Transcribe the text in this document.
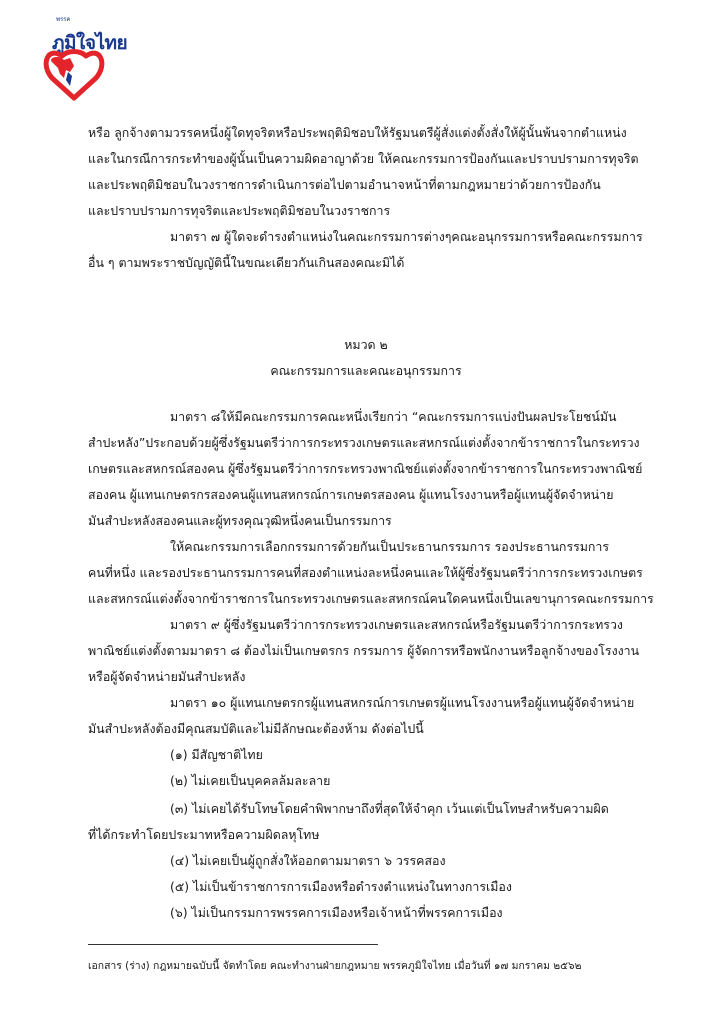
พรรค
ภูมิใจไทย
หรือ ลูกจ้างตามวรรคหนึ่งผู้ใดทุจริตหรือประพฤติมิชอบให้รัฐมนตรีผู้สั่งแต่งตั้งสั่งให้ผู้นั้นพ้นจากตำแหน่ง
และในกรณีการกระทำของผู้นั้นเป็นความผิดอาญาด้วย ให้คณะกรรมการป้องกันและปราบปรามการทุจริต
และประพฤติมิชอบในวงราชการดำเนินการต่อไปตามอำนาจหน้าที่ตามกฎหมายว่าด้วยการป้องกัน
และปราบปรามการทุจริตและประพฤติมิชอบในวงราชการ
มาตรา ๗ ผู้ใดจะดำรงตำแหน่งในคณะกรรมการต่างๆคณะอนุกรรมการหรือคณะกรรมการ
อื่น ๆ ตามพระราชบัญญัตินี้ในขณะเดียวกันเกินสองคณะมิได้
หมวด ๒
คณะกรรมการและคณะอนุกรรมการ
มาตรา ๘ให้มีคณะกรรมการคณะหนึ่งเรียกว่า “คณะกรรมการแบ่งปันผลประโยชน์มัน
สำปะหลัง”ประกอบด้วยผู้ซึ่งรัฐมนตรีว่าการกระทรวงเกษตรและสหกรณ์แต่งตั้งจากข้าราชการในกระทรวง
เกษตรและสหกรณ์สองคน ผู้ซึ่งรัฐมนตรีว่าการกระทรวงพาณิชย์แต่งตั้งจากข้าราชการในกระทรวงพาณิชย์
สองคน ผู้แทนเกษตรกรสองคนผู้แทนสหกรณ์การเกษตรสองคน ผู้แทนโรงงานหรือผู้แทนผู้จัดจำหน่าย
มันสำปะหลังสองคนและผู้ทรงคุณวุฒิหนึ่งคนเป็นกรรมการ
ให้คณะกรรมการเลือกกรรมการด้วยกันเป็นประธานกรรมการ รองประธานกรรมการ
คนที่หนึ่ง และรองประธานกรรมการคนที่สองตำแหน่งละหนึ่งคนและให้ผู้ซึ่งรัฐมนตรีว่าการกระทรวงเกษตร
และสหกรณ์แต่งตั้งจากข้าราชการในกระทรวงเกษตรและสหกรณ์คนใดคนหนึ่งเป็นเลขานุการคณะกรรมการ
มาตรา ๙ ผู้ซึ่งรัฐมนตรีว่าการกระทรวงเกษตรและสหกรณ์หรือรัฐมนตรีว่าการกระทรวง
พาณิชย์แต่งตั้งตามมาตรา ๘ ต้องไม่เป็นเกษตรกร กรรมการ ผู้จัดการหรือพนักงานหรือลูกจ้างของโรงงาน
หรือผู้จัดจำหน่ายมันสำปะหลัง
มาตรา ๑๐ ผู้แทนเกษตรกรผู้แทนสหกรณ์การเกษตรผู้แทนโรงงานหรือผู้แทนผู้จัดจำหน่าย
มันสำปะหลังต้องมีคุณสมบัติและไม่มีลักษณะต้องห้าม ดังต่อไปนี้
(๑) มีสัญชาติไทย
(๒) ไม่เคยเป็นบุคคลล้มละลาย
(๓) ไม่เคยได้รับโทษโดยคำพิพากษาถึงที่สุดให้จำคุก เว้นแต่เป็นโทษสำหรับความผิด
ที่ได้กระทำโดยประมาทหรือความผิดลหุโทษ
(๔) ไม่เคยเป็นผู้ถูกสั่งให้ออกตามมาตรา ๖ วรรคสอง
(๕) ไม่เป็นข้าราชการการเมืองหรือดำรงตำแหน่งในทางการเมือง
(๖) ไม่เป็นกรรมการพรรคการเมืองหรือเจ้าหน้าที่พรรคการเมือง
เอกสาร (ร่าง) กฎหมายฉบับนี้ จัดทำโดย คณะทำงานฝ่ายกฎหมาย พรรคภูมิใจไทย เมื่อวันที่ ๑๗ มกราคม ๒๕๖๒
